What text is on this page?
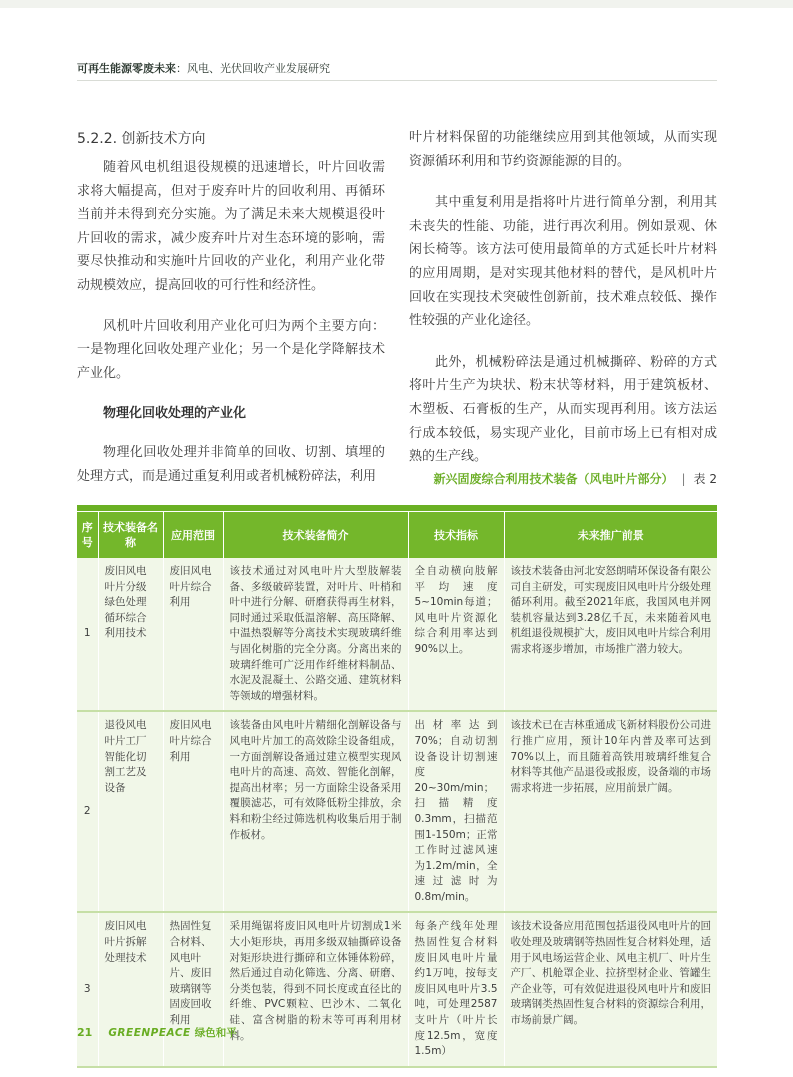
可再生能源零废未来：风电、光伏回收产业发展研究
5.2.2. 创新技术方向

随着风电机组退役规模的迅速增长，叶片回收需求将大幅提高，但对于废弃叶片的回收利用、再循环当前并未得到充分实施。为了满足未来大规模退役叶片回收的需求，减少废弃叶片对生态环境的影响，需要尽快推动和实施叶片回收的产业化，利用产业化带动规模效应，提高回收的可行性和经济性。

风机叶片回收利用产业化可归为两个主要方向：一是物理化回收处理产业化；另一个是化学降解技术产业化。

物理化回收处理的产业化

物理化回收处理并非简单的回收、切割、填埋的处理方式，而是通过重复利用或者机械粉碎法，利用

叶片材料保留的功能继续应用到其他领域，从而实现资源循环利用和节约资源能源的目的。

其中重复利用是指将叶片进行简单分割，利用其未丧失的性能、功能，进行再次利用。例如景观、休闲长椅等。该方法可使用最简单的方式延长叶片材料的应用周期，是对实现其他材料的替代，是风机叶片回收在实现技术突破性创新前，技术难点较低、操作性较强的产业化途径。

此外，机械粉碎法是通过机械撕碎、粉碎的方式将叶片生产为块状、粉末状等材料，用于建筑板材、木塑板、石膏板的生产，从而实现再利用。该方法运行成本较低，易实现产业化，目前市场上已有相对成熟的生产线。

新兴固废综合利用技术装备（风电叶片部分） | 表 2
序号	技术装备名称	应用范围	技术装备简介	技术指标	未来推广前景
1	废旧风电叶片分级绿色处理循环综合利用技术	废旧风电叶片综合利用	该技术通过对风电叶片大型肢解装备、多级破碎装置，对叶片、叶梢和叶中进行分解、研磨获得再生材料，同时通过采取低温溶解、高压降解、中温热裂解等分离技术实现玻璃纤维与固化树脂的完全分离。分离出来的玻璃纤维可广泛用作纤维材料制品、水泥及混凝土、公路交通、建筑材料等领域的增强材料。	全自动横向肢解平均速度5~10min每道；风电叶片资源化综合利用率达到90%以上。	该技术装备由河北安怒朗晴环保设备有限公司自主研发，可实现废旧风电叶片分级处理循环利用。截至2021年底，我国风电并网装机容量达到3.28亿千瓦，未来随着风电机组退役规模扩大，废旧风电叶片综合利用需求将逐步增加，市场推广潜力较大。
2	退役风电叶片工厂智能化切割工艺及设备	废旧风电叶片综合利用	该装备由风电叶片精细化剖解设备与风电叶片加工的高效除尘设备组成，一方面剖解设备通过建立模型实现风电叶片的高速、高效、智能化剖解，提高出材率；另一方面除尘设备采用覆膜滤芯，可有效降低粉尘排放，余料和粉尘经过筛选机构收集后用于制作板材。	出材率达到70%；自动切割设备设计切割速度20~30m/min；扫描精度0.3mm，扫描范围1-150m；正常工作时过滤风速为1.2m/min，全速过滤时为0.8m/min。	该技术已在吉林重通成飞新材料股份公司进行推广应用，预计10年内普及率可达到70%以上，而且随着高铁用玻璃纤维复合材料等其他产品退役或报废，设备端的市场需求将进一步拓展，应用前景广阔。
3	废旧风电叶片拆解处理技术	热固性复合材料、风电叶片、废旧玻璃钢等固废回收利用	采用绳锯将废旧风电叶片切割成1米大小矩形块，再用多级双轴撕碎设备对矩形块进行撕碎和立体锤体粉碎，然后通过自动化筛选、分离、研磨、分类包装，得到不同长度或直径比的纤维、PVC颗粒、巴沙木、二氧化硅、富含树脂的粉末等可再利用材料。	每条产线年处理热固性复合材料废旧风电叶片量约1万吨，按每支废旧风电叶片3.5吨，可处理2587支叶片（叶片长度12.5m，宽度1.5m）	该技术设备应用范围包括退役风电叶片的回收处理及玻璃钢等热固性复合材料处理，适用于风电场运营企业、风电主机厂、叶片生产厂、机舱罩企业、拉挤型材企业、管罐生产企业等，可有效促进退役风电叶片和废旧玻璃钢类热固性复合材料的资源综合利用，市场前景广阔。
21 GREENPEACE 绿色和平
